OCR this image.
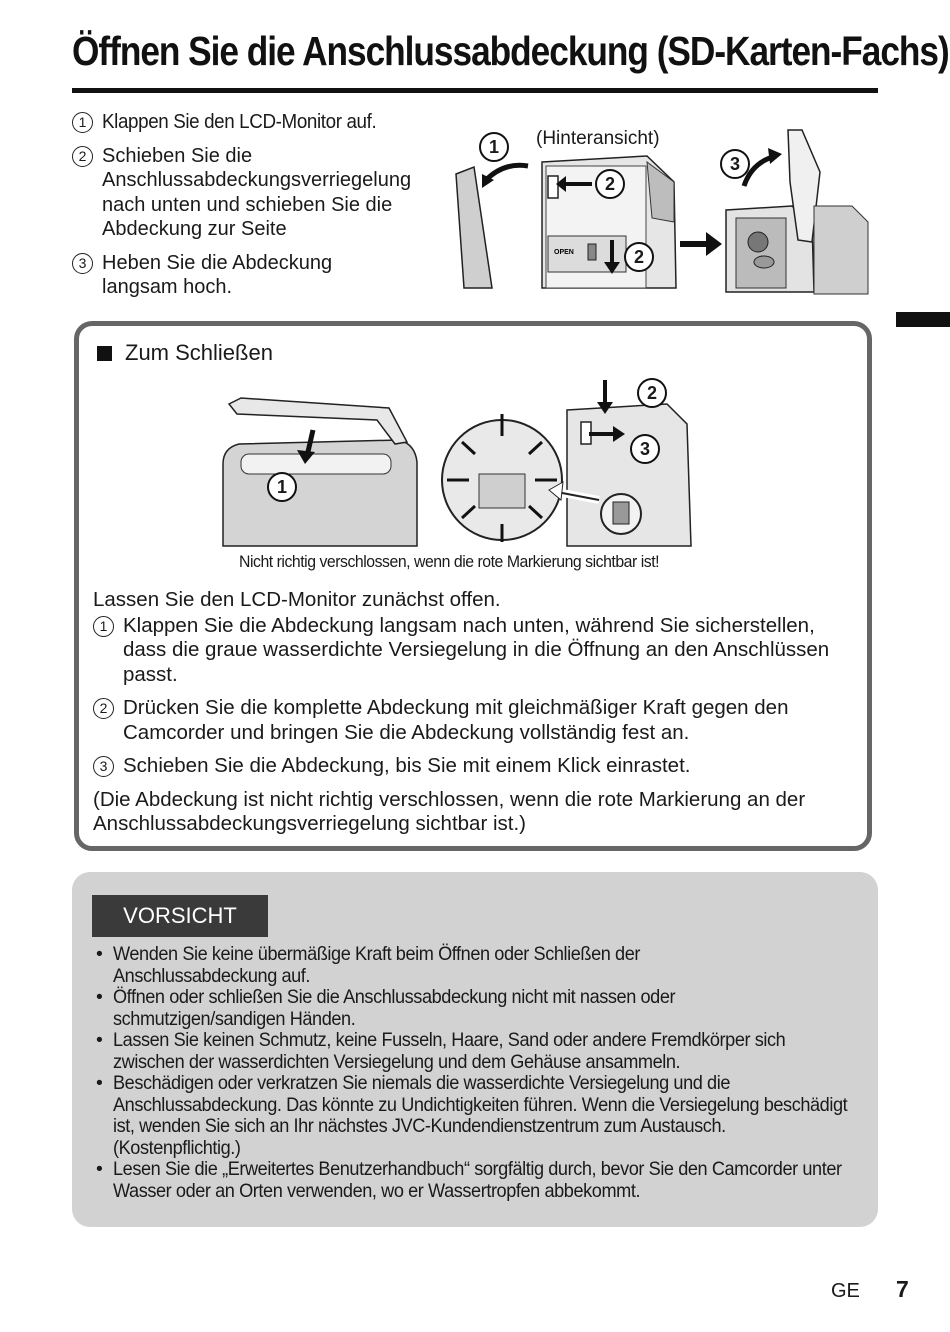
Öffnen Sie die Anschlussabdeckung (SD-Karten-Fachs)
1 Klappen Sie den LCD-Monitor auf.
2 Schieben Sie die Anschlussabdeckungsverriegelung nach unten und schieben Sie die Abdeckung zur Seite
3 Heben Sie die Abdeckung langsam hoch.
OPEN
(Hinteransicht)
1
2
2
3
Zum Schließen
1
2
3
Nicht richtig verschlossen, wenn die rote Markierung sichtbar ist!

Lassen Sie den LCD-Monitor zunächst offen.

1 Klappen Sie die Abdeckung langsam nach unten, während Sie sicherstellen, dass die graue wasserdichte Versiegelung in die Öffnung an den Anschlüssen passt.
2 Drücken Sie die komplette Abdeckung mit gleichmäßiger Kraft gegen den Camcorder und bringen Sie die Abdeckung vollständig fest an.
3 Schieben Sie die Abdeckung, bis Sie mit einem Klick einrastet.

(Die Abdeckung ist nicht richtig verschlossen, wenn die rote Markierung an der Anschlussabdeckungsverriegelung sichtbar ist.)

VORSICHT
• Wenden Sie keine übermäßige Kraft beim Öffnen oder Schließen der Anschlussabdeckung auf.
• Öffnen oder schließen Sie die Anschlussabdeckung nicht mit nassen oder schmutzigen/sandigen Händen.
• Lassen Sie keinen Schmutz, keine Fusseln, Haare, Sand oder andere Fremdkörper sich zwischen der wasserdichten Versiegelung und dem Gehäuse ansammeln.
• Beschädigen oder verkratzen Sie niemals die wasserdichte Versiegelung und die Anschlussabdeckung. Das könnte zu Undichtigkeiten führen. Wenn die Versiegelung beschädigt ist, wenden Sie sich an Ihr nächstes JVC-Kundendienstzentrum zum Austausch. (Kostenpflichtig.)
• Lesen Sie die „Erweitertes Benutzerhandbuch“ sorgfältig durch, bevor Sie den Camcorder unter Wasser oder an Orten verwenden, wo er Wassertropfen abbekommt.
GE 7
